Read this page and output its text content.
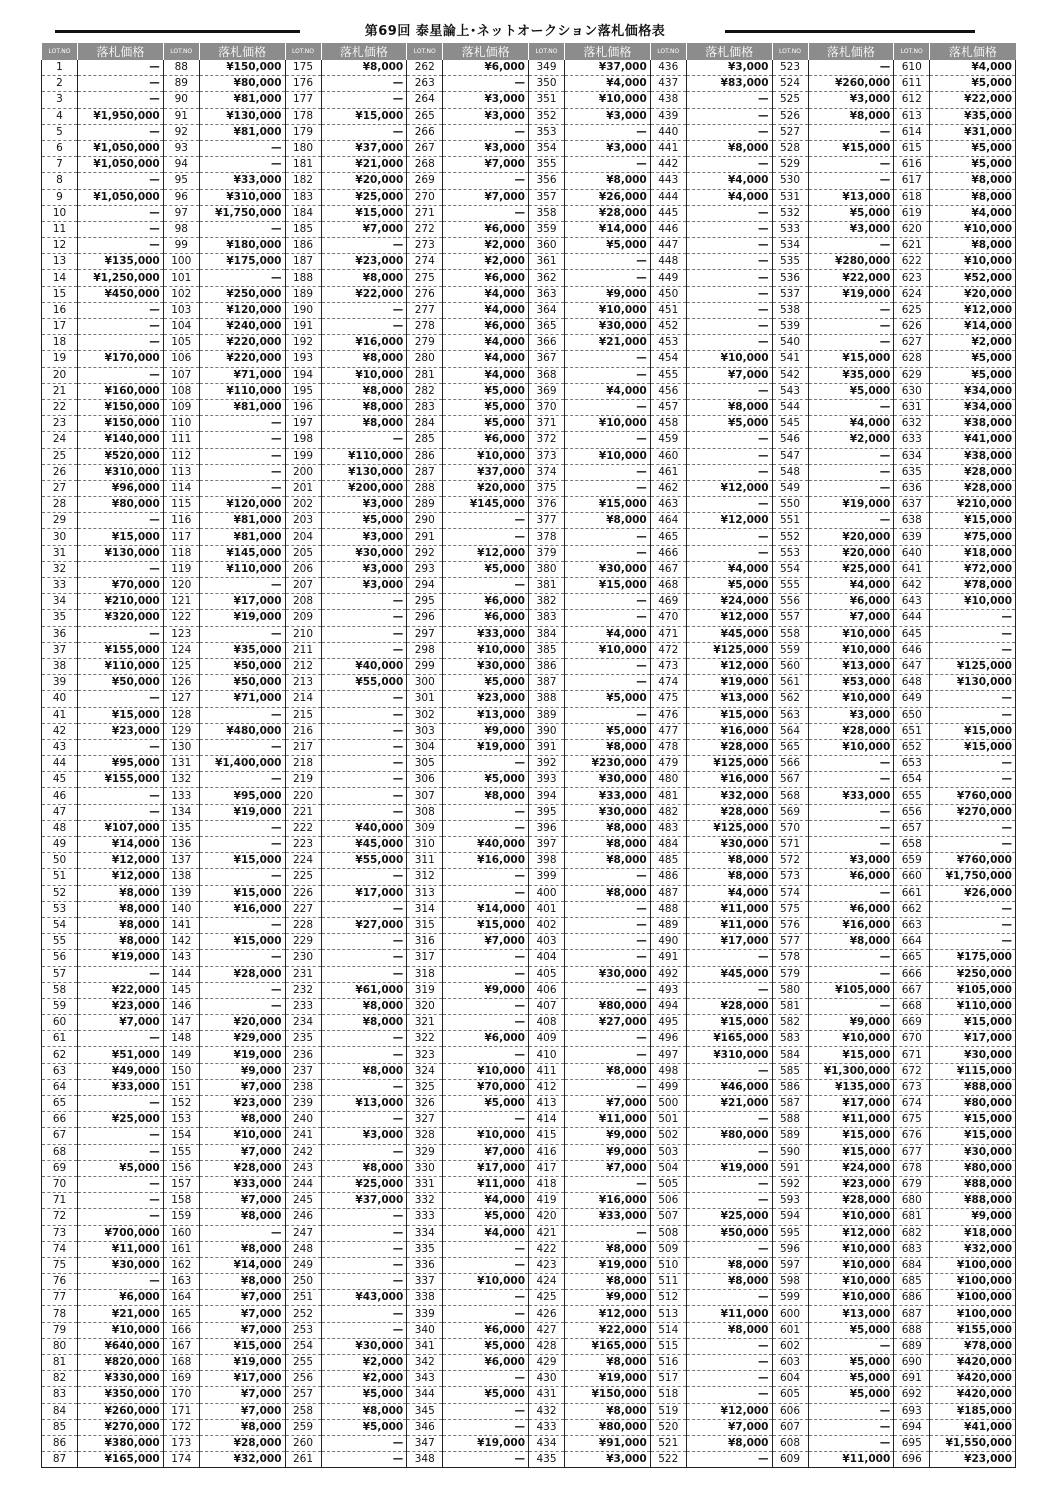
第69回 泰星論上･ネットオークション落札価格表
LOT.NO	落札価格	LOT.NO	落札価格	LOT.NO	落札価格	LOT.NO	落札価格	LOT.NO	落札価格	LOT.NO	落札価格	LOT.NO	落札価格	LOT.NO	落札価格
1	—	88	¥150,000	175	¥8,000	262	¥6,000	349	¥37,000	436	¥3,000	523	—	610	¥4,000
2	—	89	¥80,000	176	—	263	—	350	¥4,000	437	¥83,000	524	¥260,000	611	¥5,000
3	—	90	¥81,000	177	—	264	¥3,000	351	¥10,000	438	—	525	¥3,000	612	¥22,000
4	¥1,950,000	91	¥130,000	178	¥15,000	265	¥3,000	352	¥3,000	439	—	526	¥8,000	613	¥35,000
5	—	92	¥81,000	179	—	266	—	353	—	440	—	527	—	614	¥31,000
6	¥1,050,000	93	—	180	¥37,000	267	¥3,000	354	¥3,000	441	¥8,000	528	¥15,000	615	¥5,000
7	¥1,050,000	94	—	181	¥21,000	268	¥7,000	355	—	442	—	529	—	616	¥5,000
8	—	95	¥33,000	182	¥20,000	269	—	356	¥8,000	443	¥4,000	530	—	617	¥8,000
9	¥1,050,000	96	¥310,000	183	¥25,000	270	¥7,000	357	¥26,000	444	¥4,000	531	¥13,000	618	¥8,000
10	—	97	¥1,750,000	184	¥15,000	271	—	358	¥28,000	445	—	532	¥5,000	619	¥4,000
11	—	98	—	185	¥7,000	272	¥6,000	359	¥14,000	446	—	533	¥3,000	620	¥10,000
12	—	99	¥180,000	186	—	273	¥2,000	360	¥5,000	447	—	534	—	621	¥8,000
13	¥135,000	100	¥175,000	187	¥23,000	274	¥2,000	361	—	448	—	535	¥280,000	622	¥10,000
14	¥1,250,000	101	—	188	¥8,000	275	¥6,000	362	—	449	—	536	¥22,000	623	¥52,000
15	¥450,000	102	¥250,000	189	¥22,000	276	¥4,000	363	¥9,000	450	—	537	¥19,000	624	¥20,000
16	—	103	¥120,000	190	—	277	¥4,000	364	¥10,000	451	—	538	—	625	¥12,000
17	—	104	¥240,000	191	—	278	¥6,000	365	¥30,000	452	—	539	—	626	¥14,000
18	—	105	¥220,000	192	¥16,000	279	¥4,000	366	¥21,000	453	—	540	—	627	¥2,000
19	¥170,000	106	¥220,000	193	¥8,000	280	¥4,000	367	—	454	¥10,000	541	¥15,000	628	¥5,000
20	—	107	¥71,000	194	¥10,000	281	¥4,000	368	—	455	¥7,000	542	¥35,000	629	¥5,000
21	¥160,000	108	¥110,000	195	¥8,000	282	¥5,000	369	¥4,000	456	—	543	¥5,000	630	¥34,000
22	¥150,000	109	¥81,000	196	¥8,000	283	¥5,000	370	—	457	¥8,000	544	—	631	¥34,000
23	¥150,000	110	—	197	¥8,000	284	¥5,000	371	¥10,000	458	¥5,000	545	¥4,000	632	¥38,000
24	¥140,000	111	—	198	—	285	¥6,000	372	—	459	—	546	¥2,000	633	¥41,000
25	¥520,000	112	—	199	¥110,000	286	¥10,000	373	¥10,000	460	—	547	—	634	¥38,000
26	¥310,000	113	—	200	¥130,000	287	¥37,000	374	—	461	—	548	—	635	¥28,000
27	¥96,000	114	—	201	¥200,000	288	¥20,000	375	—	462	¥12,000	549	—	636	¥28,000
28	¥80,000	115	¥120,000	202	¥3,000	289	¥145,000	376	¥15,000	463	—	550	¥19,000	637	¥210,000
29	—	116	¥81,000	203	¥5,000	290	—	377	¥8,000	464	¥12,000	551	—	638	¥15,000
30	¥15,000	117	¥81,000	204	¥3,000	291	—	378	—	465	—	552	¥20,000	639	¥75,000
31	¥130,000	118	¥145,000	205	¥30,000	292	¥12,000	379	—	466	—	553	¥20,000	640	¥18,000
32	—	119	¥110,000	206	¥3,000	293	¥5,000	380	¥30,000	467	¥4,000	554	¥25,000	641	¥72,000
33	¥70,000	120	—	207	¥3,000	294	—	381	¥15,000	468	¥5,000	555	¥4,000	642	¥78,000
34	¥210,000	121	¥17,000	208	—	295	¥6,000	382	—	469	¥24,000	556	¥6,000	643	¥10,000
35	¥320,000	122	¥19,000	209	—	296	¥6,000	383	—	470	¥12,000	557	¥7,000	644	—
36	—	123	—	210	—	297	¥33,000	384	¥4,000	471	¥45,000	558	¥10,000	645	—
37	¥155,000	124	¥35,000	211	—	298	¥10,000	385	¥10,000	472	¥125,000	559	¥10,000	646	—
38	¥110,000	125	¥50,000	212	¥40,000	299	¥30,000	386	—	473	¥12,000	560	¥13,000	647	¥125,000
39	¥50,000	126	¥50,000	213	¥55,000	300	¥5,000	387	—	474	¥19,000	561	¥53,000	648	¥130,000
40	—	127	¥71,000	214	—	301	¥23,000	388	¥5,000	475	¥13,000	562	¥10,000	649	—
41	¥15,000	128	—	215	—	302	¥13,000	389	—	476	¥15,000	563	¥3,000	650	—
42	¥23,000	129	¥480,000	216	—	303	¥9,000	390	¥5,000	477	¥16,000	564	¥28,000	651	¥15,000
43	—	130	—	217	—	304	¥19,000	391	¥8,000	478	¥28,000	565	¥10,000	652	¥15,000
44	¥95,000	131	¥1,400,000	218	—	305	—	392	¥230,000	479	¥125,000	566	—	653	—
45	¥155,000	132	—	219	—	306	¥5,000	393	¥30,000	480	¥16,000	567	—	654	—
46	—	133	¥95,000	220	—	307	¥8,000	394	¥33,000	481	¥32,000	568	¥33,000	655	¥760,000
47	—	134	¥19,000	221	—	308	—	395	¥30,000	482	¥28,000	569	—	656	¥270,000
48	¥107,000	135	—	222	¥40,000	309	—	396	¥8,000	483	¥125,000	570	—	657	—
49	¥14,000	136	—	223	¥45,000	310	¥40,000	397	¥8,000	484	¥30,000	571	—	658	—
50	¥12,000	137	¥15,000	224	¥55,000	311	¥16,000	398	¥8,000	485	¥8,000	572	¥3,000	659	¥760,000
51	¥12,000	138	—	225	—	312	—	399	—	486	¥8,000	573	¥6,000	660	¥1,750,000
52	¥8,000	139	¥15,000	226	¥17,000	313	—	400	¥8,000	487	¥4,000	574	—	661	¥26,000
53	¥8,000	140	¥16,000	227	—	314	¥14,000	401	—	488	¥11,000	575	¥6,000	662	—
54	¥8,000	141	—	228	¥27,000	315	¥15,000	402	—	489	¥11,000	576	¥16,000	663	—
55	¥8,000	142	¥15,000	229	—	316	¥7,000	403	—	490	¥17,000	577	¥8,000	664	—
56	¥19,000	143	—	230	—	317	—	404	—	491	—	578	—	665	¥175,000
57	—	144	¥28,000	231	—	318	—	405	¥30,000	492	¥45,000	579	—	666	¥250,000
58	¥22,000	145	—	232	¥61,000	319	¥9,000	406	—	493	—	580	¥105,000	667	¥105,000
59	¥23,000	146	—	233	¥8,000	320	—	407	¥80,000	494	¥28,000	581	—	668	¥110,000
60	¥7,000	147	¥20,000	234	¥8,000	321	—	408	¥27,000	495	¥15,000	582	¥9,000	669	¥15,000
61	—	148	¥29,000	235	—	322	¥6,000	409	—	496	¥165,000	583	¥10,000	670	¥17,000
62	¥51,000	149	¥19,000	236	—	323	—	410	—	497	¥310,000	584	¥15,000	671	¥30,000
63	¥49,000	150	¥9,000	237	¥8,000	324	¥10,000	411	¥8,000	498	—	585	¥1,300,000	672	¥115,000
64	¥33,000	151	¥7,000	238	—	325	¥70,000	412	—	499	¥46,000	586	¥135,000	673	¥88,000
65	—	152	¥23,000	239	¥13,000	326	¥5,000	413	¥7,000	500	¥21,000	587	¥17,000	674	¥80,000
66	¥25,000	153	¥8,000	240	—	327	—	414	¥11,000	501	—	588	¥11,000	675	¥15,000
67	—	154	¥10,000	241	¥3,000	328	¥10,000	415	¥9,000	502	¥80,000	589	¥15,000	676	¥15,000
68	—	155	¥7,000	242	—	329	¥7,000	416	¥9,000	503	—	590	¥15,000	677	¥30,000
69	¥5,000	156	¥28,000	243	¥8,000	330	¥17,000	417	¥7,000	504	¥19,000	591	¥24,000	678	¥80,000
70	—	157	¥33,000	244	¥25,000	331	¥11,000	418	—	505	—	592	¥23,000	679	¥88,000
71	—	158	¥7,000	245	¥37,000	332	¥4,000	419	¥16,000	506	—	593	¥28,000	680	¥88,000
72	—	159	¥8,000	246	—	333	¥5,000	420	¥33,000	507	¥25,000	594	¥10,000	681	¥9,000
73	¥700,000	160	—	247	—	334	¥4,000	421	—	508	¥50,000	595	¥12,000	682	¥18,000
74	¥11,000	161	¥8,000	248	—	335	—	422	¥8,000	509	—	596	¥10,000	683	¥32,000
75	¥30,000	162	¥14,000	249	—	336	—	423	¥19,000	510	¥8,000	597	¥10,000	684	¥100,000
76	—	163	¥8,000	250	—	337	¥10,000	424	¥8,000	511	¥8,000	598	¥10,000	685	¥100,000
77	¥6,000	164	¥7,000	251	¥43,000	338	—	425	¥9,000	512	—	599	¥10,000	686	¥100,000
78	¥21,000	165	¥7,000	252	—	339	—	426	¥12,000	513	¥11,000	600	¥13,000	687	¥100,000
79	¥10,000	166	¥7,000	253	—	340	¥6,000	427	¥22,000	514	¥8,000	601	¥5,000	688	¥155,000
80	¥640,000	167	¥15,000	254	¥30,000	341	¥5,000	428	¥165,000	515	—	602	—	689	¥78,000
81	¥820,000	168	¥19,000	255	¥2,000	342	¥6,000	429	¥8,000	516	—	603	¥5,000	690	¥420,000
82	¥330,000	169	¥17,000	256	¥2,000	343	—	430	¥19,000	517	—	604	¥5,000	691	¥420,000
83	¥350,000	170	¥7,000	257	¥5,000	344	¥5,000	431	¥150,000	518	—	605	¥5,000	692	¥420,000
84	¥260,000	171	¥7,000	258	¥8,000	345	—	432	¥8,000	519	¥12,000	606	—	693	¥185,000
85	¥270,000	172	¥8,000	259	¥5,000	346	—	433	¥80,000	520	¥7,000	607	—	694	¥41,000
86	¥380,000	173	¥28,000	260	—	347	¥19,000	434	¥91,000	521	¥8,000	608	—	695	¥1,550,000
87	¥165,000	174	¥32,000	261	—	348	—	435	¥3,000	522	—	609	¥11,000	696	¥23,000
